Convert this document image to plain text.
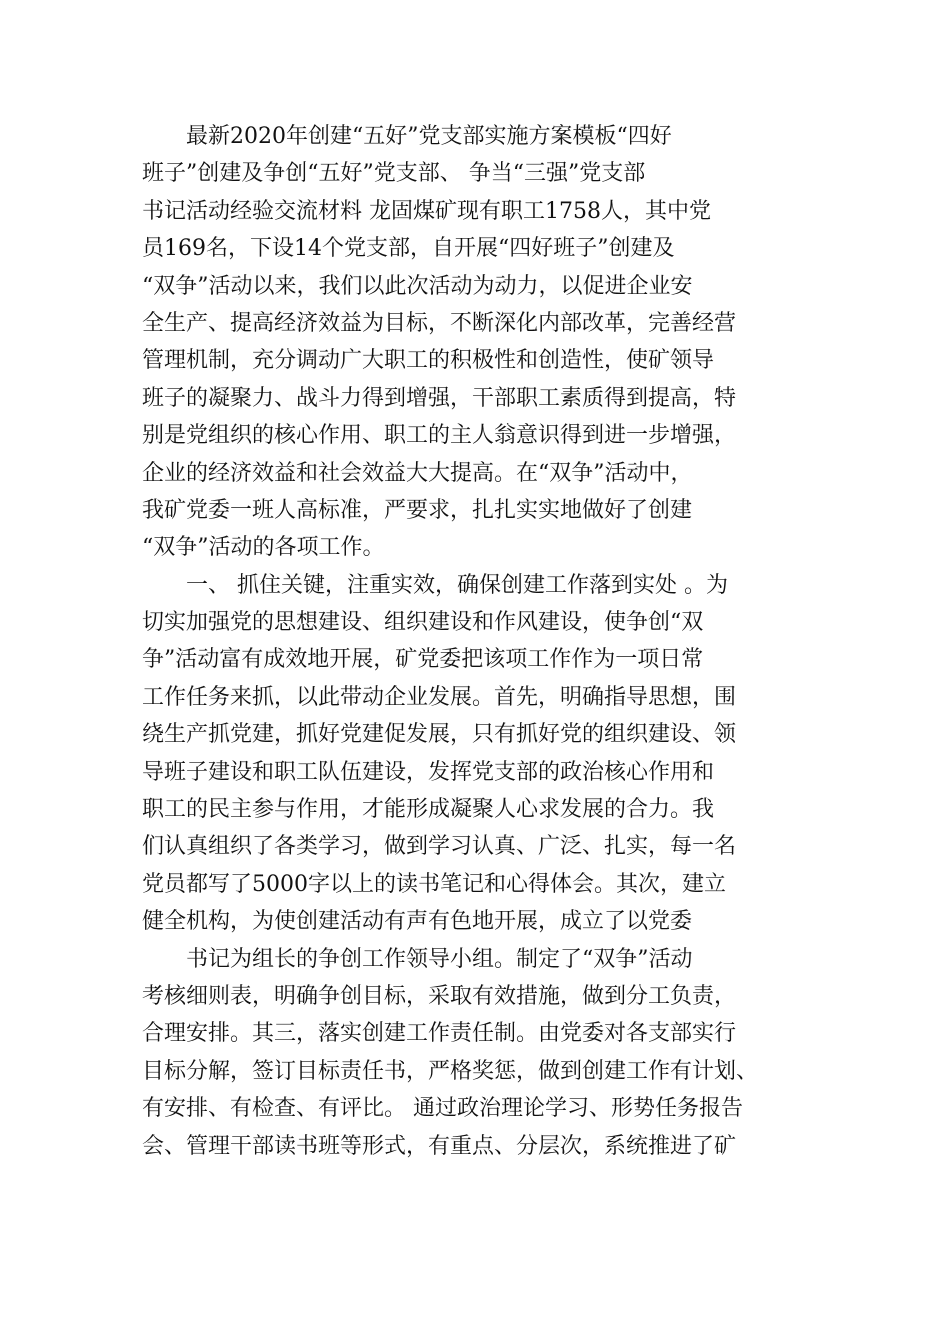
最新2020年创建“五好”党支部实施方案模板“四好
班子”创建及争创“五好”党支部、 争当“三强”党支部
书记活动经验交流材料 龙固煤矿现有职工1758人，其中党
员169名，下设14个党支部，自开展“四好班子”创建及
“双争”活动以来，我们以此次活动为动力，以促进企业安
全生产、提高经济效益为目标，不断深化内部改革，完善经营
管理机制，充分调动广大职工的积极性和创造性，使矿领导
班子的凝聚力、战斗力得到增强，干部职工素质得到提高，特
别是党组织的核心作用、职工的主人翁意识得到进一步增强，
企业的经济效益和社会效益大大提高。在“双争”活动中，
我矿党委一班人高标准，严要求，扎扎实实地做好了创建
“双争”活动的各项工作。
一、 抓住关键，注重实效，确保创建工作落到实处 。为
切实加强党的思想建设、组织建设和作风建设，使争创“双
争”活动富有成效地开展，矿党委把该项工作作为一项日常
工作任务来抓，以此带动企业发展。首先，明确指导思想，围
绕生产抓党建，抓好党建促发展，只有抓好党的组织建设、领
导班子建设和职工队伍建设，发挥党支部的政治核心作用和
职工的民主参与作用，才能形成凝聚人心求发展的合力。我
们认真组织了各类学习，做到学习认真、广泛、扎实，每一名
党员都写了5000字以上的读书笔记和心得体会。其次，建立
健全机构，为使创建活动有声有色地开展，成立了以党委
书记为组长的争创工作领导小组。制定了“双争”活动
考核细则表，明确争创目标，采取有效措施，做到分工负责，
合理安排。其三，落实创建工作责任制。由党委对各支部实行
目标分解，签订目标责任书，严格奖惩，做到创建工作有计划、
有安排、有检查、有评比。 通过政治理论学习、形势任务报告
会、管理干部读书班等形式，有重点、分层次，系统推进了矿
